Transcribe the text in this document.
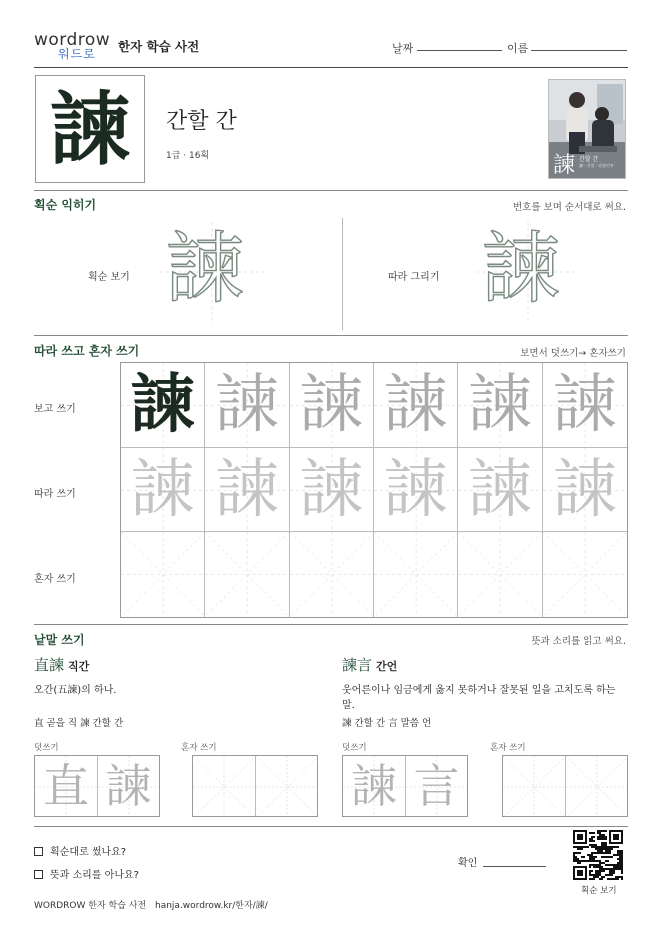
wordrow
워드로 한자 학습 사전	날짜	이름
諫 간할 간
1급 · 16획	諫 간할 간
諫 · 간할 · 말씀언부
획순 익히기	번호를 보며 순서대로 써요.
획순 보기 諫	따라 그리기 諫
따라 쓰고 혼자 쓰기	보면서 덧쓰기→ 혼자쓰기
보고 쓰기
따라 쓰기
혼자 쓰기
諫 諫 諫 諫 諫 諫
諫 諫 諫 諫 諫 諫
낱말 쓰기	뜻과 소리를 읽고 써요.
直諫 직간
오간(五諫)의 하나.
直 곧을 직 諫 간할 간
덧쓰기	혼자 쓰기
直 諫
諫言 간언
웃어른이나 임금에게 옳지 못하거나 잘못된 일을 고치도록 하는 말.
諫 간할 간 言 말씀 언
덧쓰기	혼자 쓰기
諫 言
획순대로 썼나요?
뜻과 소리를 아나요?
확인
획순 보기
WORDROW 한자 학습 사전 hanja.wordrow.kr/한자/諫/
